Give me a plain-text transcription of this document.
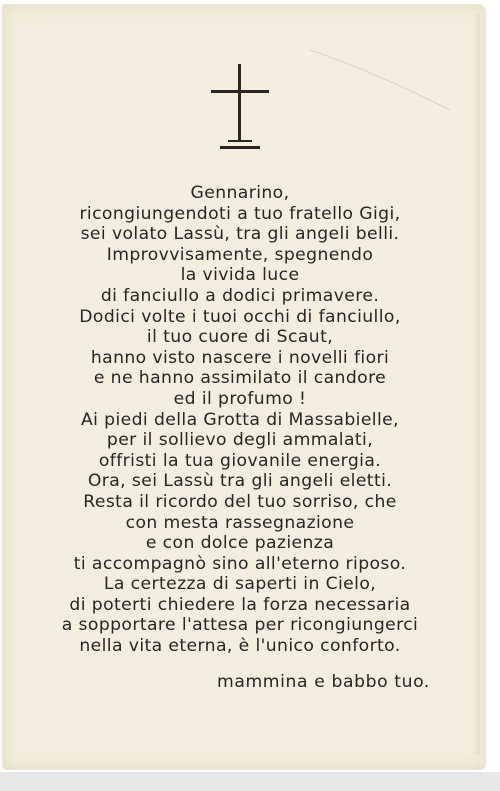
Gennarino,
ricongiungendoti a tuo fratello Gigi,
sei volato Lassù, tra gli angeli belli.
Improvvisamente, spegnendo
la vivida luce
di fanciullo a dodici primavere.
Dodici volte i tuoi occhi di fanciullo,
il tuo cuore di Scaut,
hanno visto nascere i novelli fiori
e ne hanno assimilato il candore
ed il profumo !
Ai piedi della Grotta di Massabielle,
per il sollievo degli ammalati,
offristi la tua giovanile energia.
Ora, sei Lassù tra gli angeli eletti.
Resta il ricordo del tuo sorriso, che
con mesta rassegnazione
e con dolce pazienza
ti accompagnò sino all'eterno riposo.
La certezza di saperti in Cielo,
di poterti chiedere la forza necessaria
a sopportare l'attesa per ricongiungerci
nella vita eterna, è l'unico conforto.
mammina e babbo tuo.
